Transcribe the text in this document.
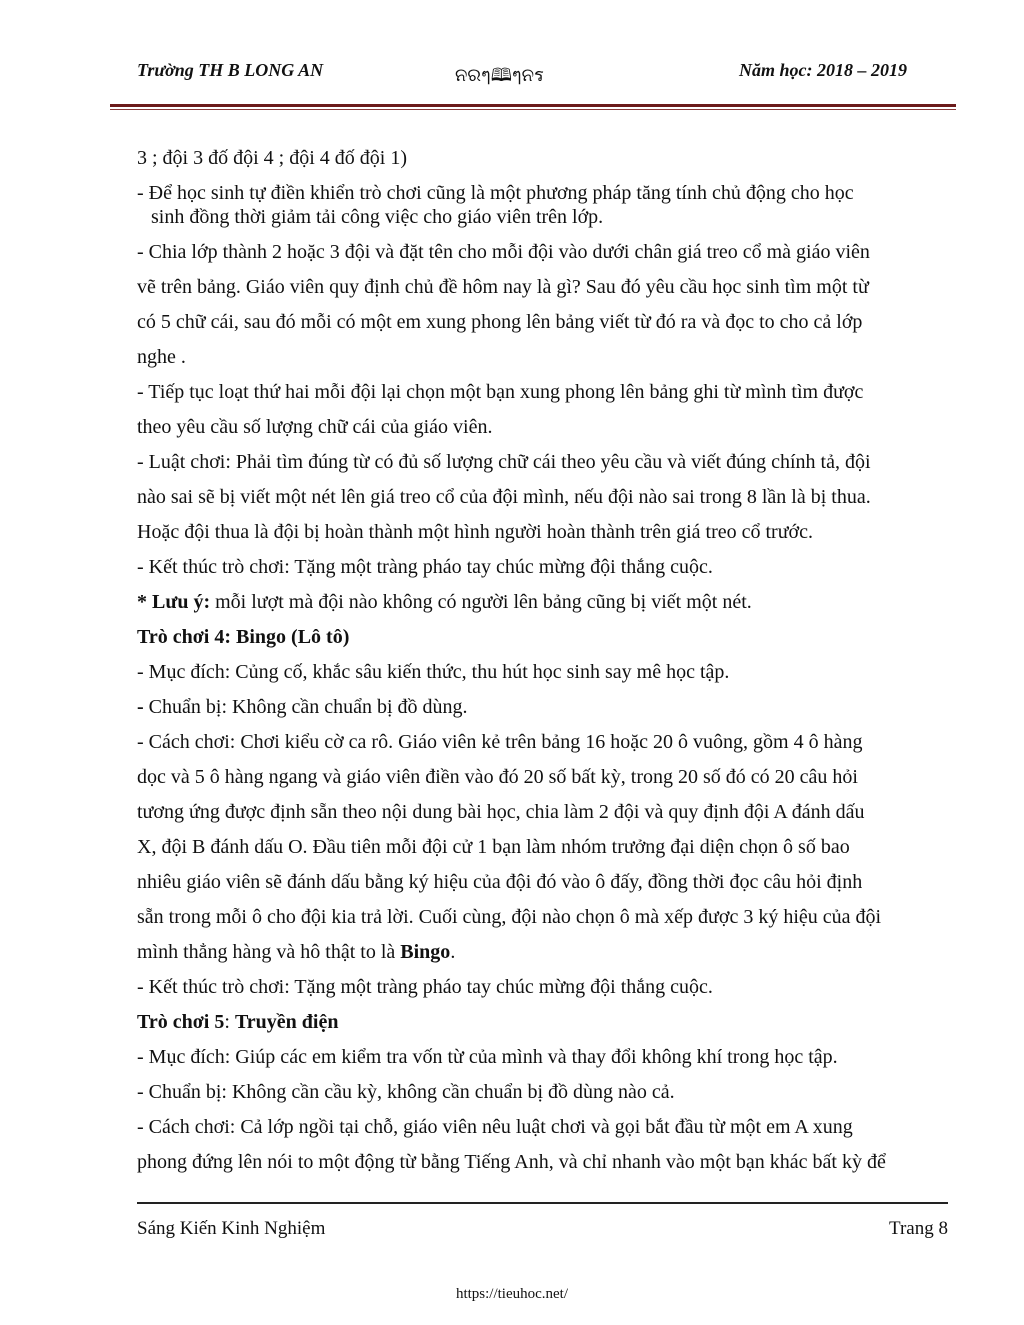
Trường TH B LONG AN	ନରๆ🕮ๆନร	Năm học: 2018 – 2019
3 ; đội 3 đố đội 4 ; đội 4 đố đội 1)
- Để học sinh tự điền khiển trò chơi cũng là một phương pháp tăng tính chủ động cho học
sinh đồng thời giảm tải công việc cho giáo viên trên lớp.
- Chia lớp thành 2 hoặc 3 đội và đặt tên cho mỗi đội vào dưới chân giá treo cổ mà giáo viên
vẽ trên bảng. Giáo viên quy định chủ đề hôm nay là gì? Sau đó yêu cầu học sinh tìm một từ
có 5 chữ cái, sau đó mỗi có một em xung phong lên bảng viết từ đó ra và đọc to cho cả lớp
nghe .
- Tiếp tục loạt thứ hai mỗi đội lại chọn một bạn xung phong lên bảng ghi từ mình tìm được
theo yêu cầu số lượng chữ cái của giáo viên.
- Luật chơi: Phải tìm đúng từ có đủ số lượng chữ cái theo yêu cầu và viết đúng chính tả, đội
nào sai sẽ bị viết một nét lên giá treo cổ của đội mình, nếu đội nào sai trong 8 lần là bị thua.
Hoặc đội thua là đội bị hoàn thành một hình người hoàn thành trên giá treo cổ trước.
- Kết thúc trò chơi: Tặng một tràng pháo tay chúc mừng đội thắng cuộc.
* Lưu ý: mỗi lượt mà đội nào không có người lên bảng cũng bị viết một nét.
Trò chơi 4: Bingo (Lô tô)
- Mục đích: Củng cố, khắc sâu kiến thức, thu hút học sinh say mê học tập.
- Chuẩn bị: Không cần chuẩn bị đồ dùng.
- Cách chơi: Chơi kiểu cờ ca rô. Giáo viên kẻ trên bảng 16 hoặc 20 ô vuông, gồm 4 ô hàng
dọc và 5 ô hàng ngang và giáo viên điền vào đó 20 số bất kỳ, trong 20 số đó có 20 câu hỏi
tương ứng được định sẵn theo nội dung bài học, chia làm 2 đội và quy định đội A đánh dấu
X, đội B đánh dấu O. Đầu tiên mỗi đội cử 1 bạn làm nhóm trưởng đại diện chọn ô số bao
nhiêu giáo viên sẽ đánh dấu bằng ký hiệu của đội đó vào ô đấy, đồng thời đọc câu hỏi định
sẵn trong mỗi ô cho đội kia trả lời. Cuối cùng, đội nào chọn ô mà xếp được 3 ký hiệu của đội
mình thẳng hàng và hô thật to là Bingo.
- Kết thúc trò chơi: Tặng một tràng pháo tay chúc mừng đội thắng cuộc.
Trò chơi 5: Truyền điện
- Mục đích: Giúp các em kiểm tra vốn từ của mình và thay đổi không khí trong học tập.
- Chuẩn bị: Không cần cầu kỳ, không cần chuẩn bị đồ dùng nào cả.
- Cách chơi: Cả lớp ngồi tại chỗ, giáo viên nêu luật chơi và gọi bắt đầu từ một em A xung
phong đứng lên nói to một động từ bằng Tiếng Anh, và chỉ nhanh vào một bạn khác bất kỳ để
Sáng Kiến Kinh Nghiệm	Trang 8
https://tieuhoc.net/
